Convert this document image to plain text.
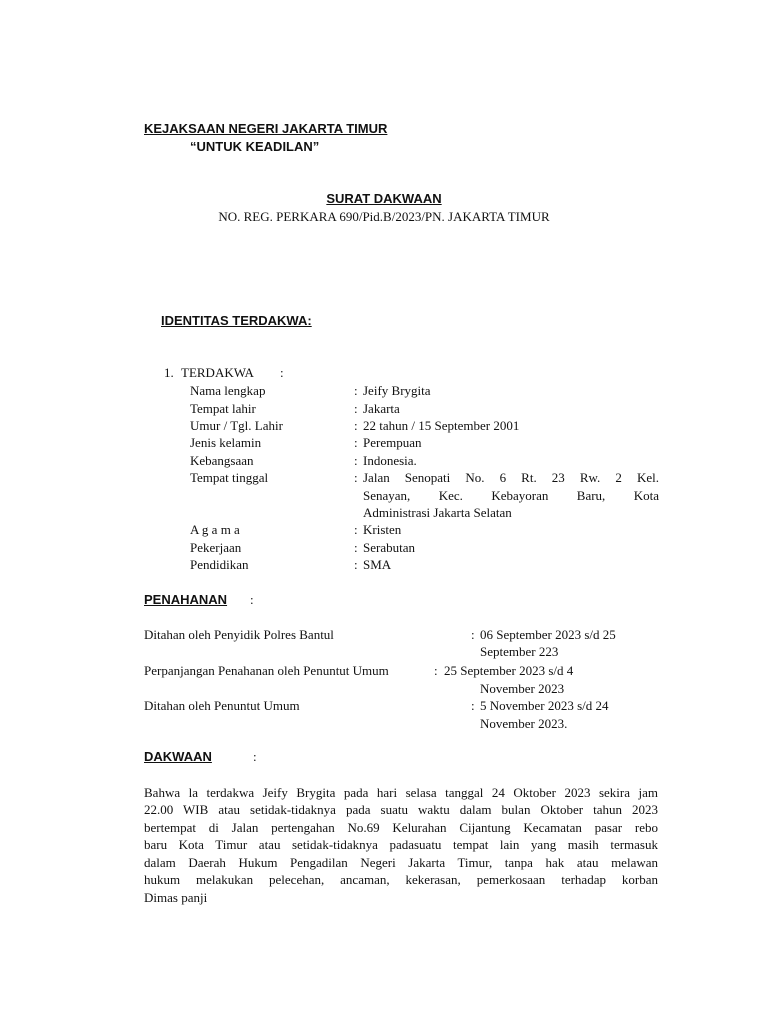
KEJAKSAAN NEGERI JAKARTA TIMUR
“UNTUK KEADILAN”
SURAT DAKWAAN
NO. REG. PERKARA 690/Pid.B/2023/PN. JAKARTA TIMUR
IDENTITAS TERDAKWA:
1. TERDAKWA :
Nama lengkap	: Jeify Brygita
Tempat lahir	: Jakarta
Umur / Tgl. Lahir	: 22 tahun / 15 September 2001
Jenis kelamin	: Perempuan
Kebangsaan	: Indonesia.
Tempat tinggal	: Jalan Senopati No. 6 Rt. 23 Rw. 2 Kel.
Senayan, Kec. Kebayoran Baru, Kota
Administrasi Jakarta Selatan
A g a m a	: Kristen
Pekerjaan	: Serabutan
Pendidikan	: SMA
PENAHANAN :
Ditahan oleh Penyidik Polres Bantul	: 06 September 2023 s/d 25
September 223
Perpanjangan Penahanan oleh Penuntut Umum	: 25 September 2023 s/d 4
November 2023
Ditahan oleh Penuntut Umum	: 5 November 2023 s/d 24
November 2023.
DAKWAAN	:
Bahwa la terdakwa Jeify Brygita pada hari selasa tanggal 24 Oktober 2023 sekira jam
22.00 WIB atau setidak-tidaknya pada suatu waktu dalam bulan Oktober tahun 2023
bertempat di Jalan pertengahan No.69 Kelurahan Cijantung Kecamatan pasar rebo
baru Kota Timur atau setidak-tidaknya padasuatu tempat lain yang masih termasuk
dalam Daerah Hukum Pengadilan Negeri Jakarta Timur, tanpa hak atau melawan
hukum melakukan pelecehan, ancaman, kekerasan, pemerkosaan terhadap korban
Dimas panji
